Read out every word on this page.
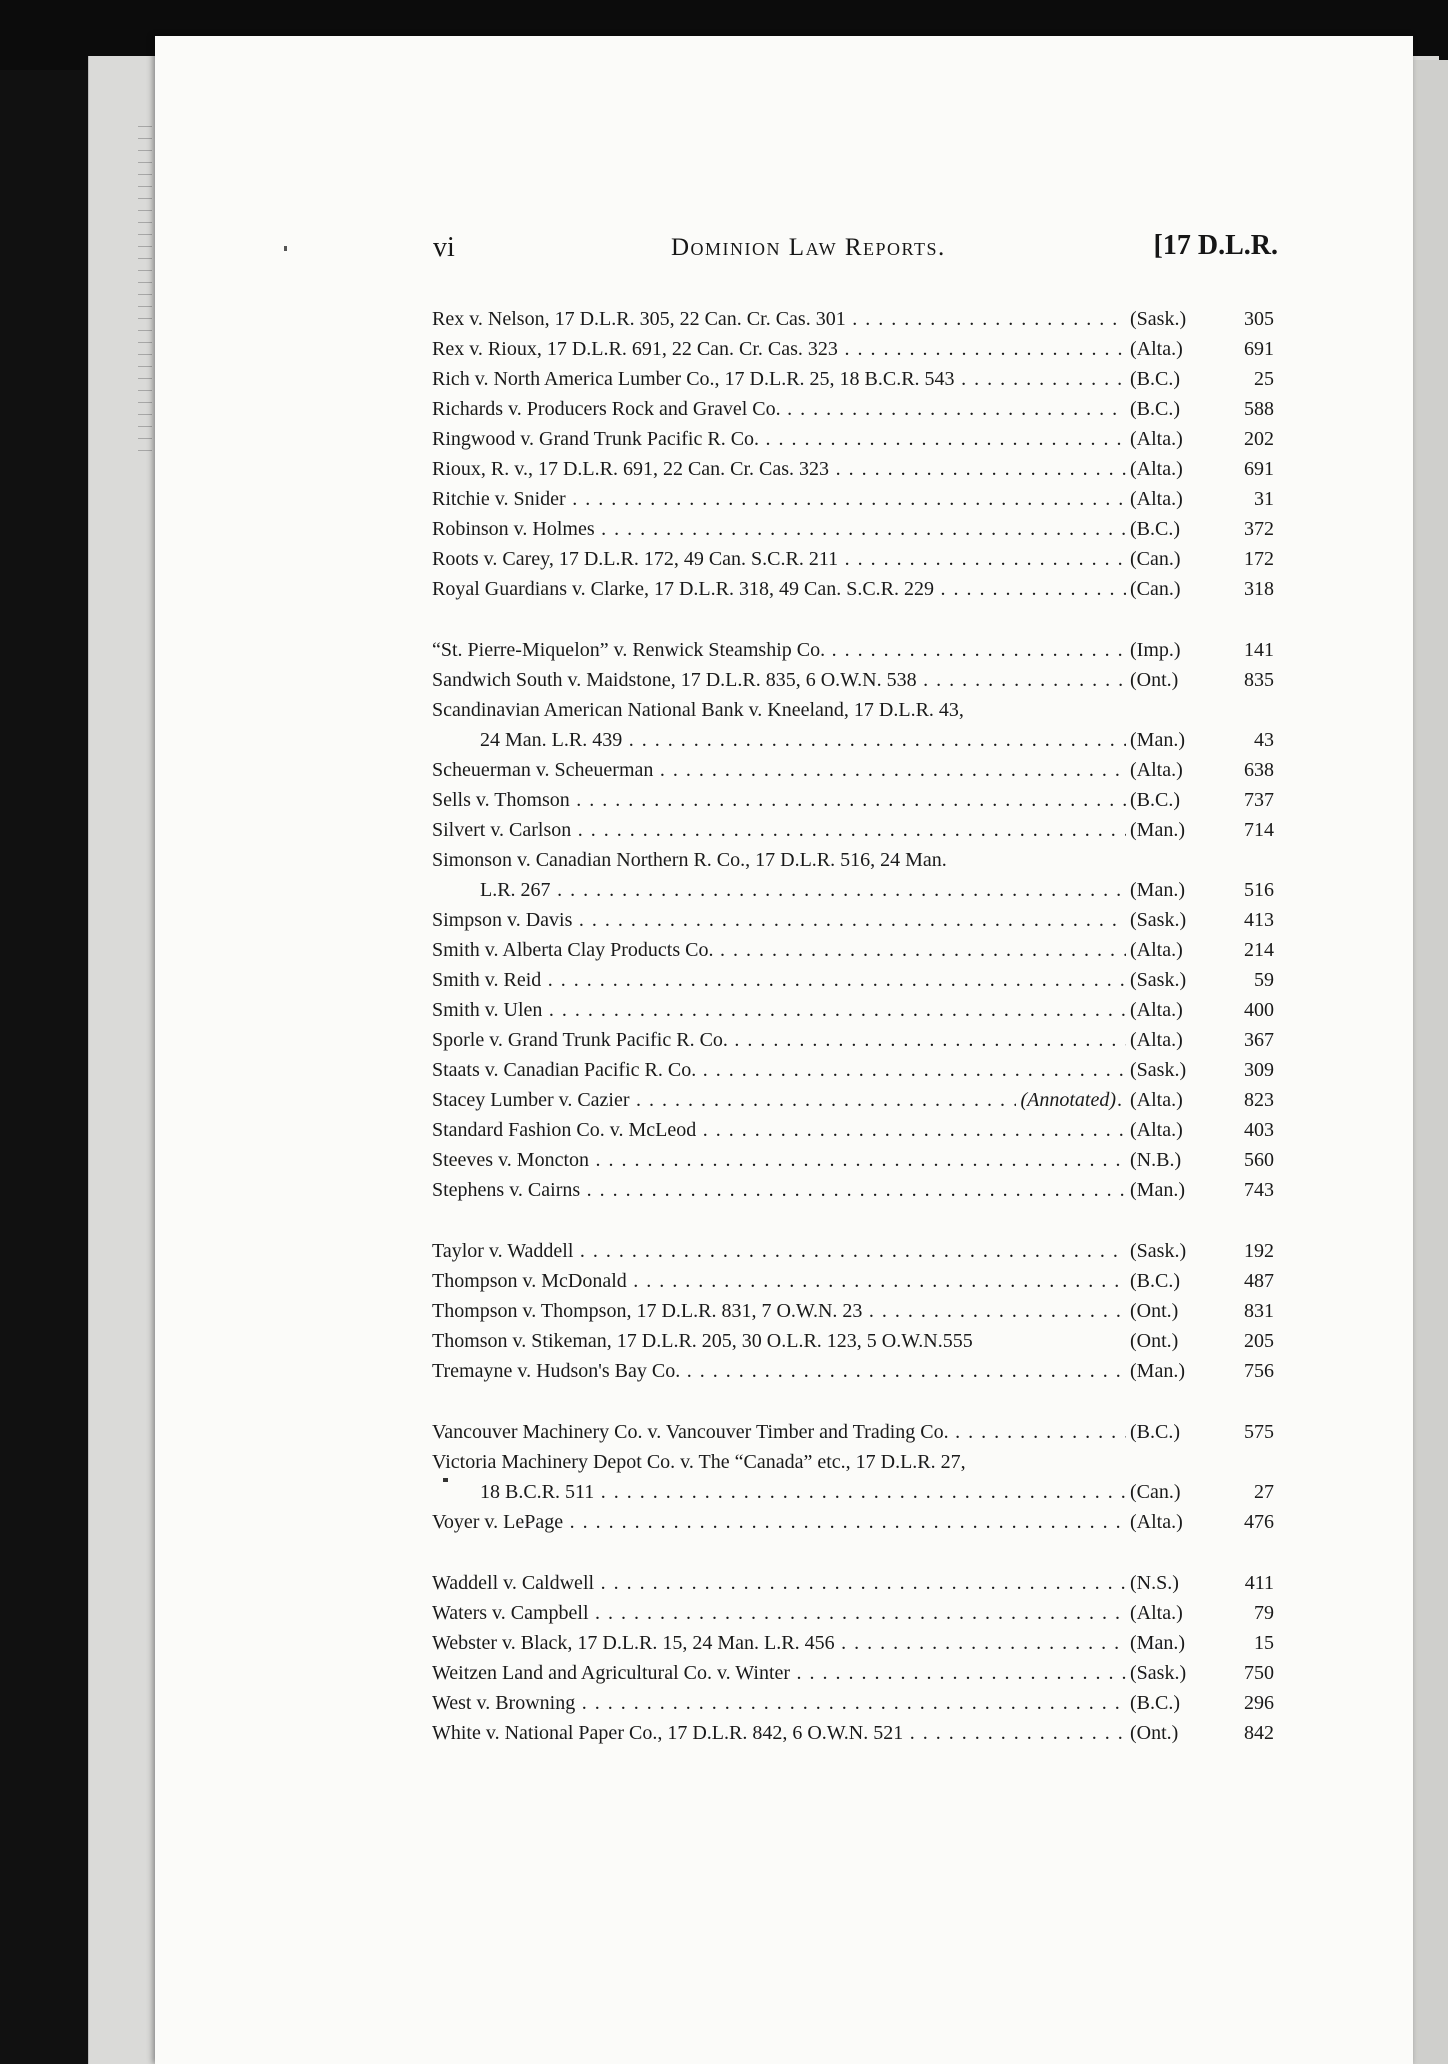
vi	Dominion Law Reports.	[17 D.L.R.
Rex v. Nelson, 17 D.L.R. 305, 22 Can. Cr. Cas. 301 . . .	(Sask.)	305
Rex v. Rioux, 17 D.L.R. 691, 22 Can. Cr. Cas. 323 . . .	(Alta.)	691
Rich v. North America Lumber Co., 17 D.L.R. 25, 18 B.C.R. 543 . . .	(B.C.)	25
Richards v. Producers Rock and Gravel Co. . . .	(B.C.)	588
Ringwood v. Grand Trunk Pacific R. Co. . . .	(Alta.)	202
Rioux, R. v., 17 D.L.R. 691, 22 Can. Cr. Cas. 323 . . .	(Alta.)	691
Ritchie v. Snider . . .	(Alta.)	31
Robinson v. Holmes . . .	(B.C.)	372
Roots v. Carey, 17 D.L.R. 172, 49 Can. S.C.R. 211 . . .	(Can.)	172
Royal Guardians v. Clarke, 17 D.L.R. 318, 49 Can. S.C.R. 229 . . .	(Can.)	318
“St. Pierre-Miquelon” v. Renwick Steamship Co. . . .	(Imp.)	141
Sandwich South v. Maidstone, 17 D.L.R. 835, 6 O.W.N. 538 . . .	(Ont.)	835
Scandinavian American National Bank v. Kneeland, 17 D.L.R. 43,
24 Man. L.R. 439 . . .	(Man.)	43
Scheuerman v. Scheuerman . . .	(Alta.)	638
Sells v. Thomson . . .	(B.C.)	737
Silvert v. Carlson . . .	(Man.)	714
Simonson v. Canadian Northern R. Co., 17 D.L.R. 516, 24 Man.
L.R. 267 . . .	(Man.)	516
Simpson v. Davis . . .	(Sask.)	413
Smith v. Alberta Clay Products Co. . . .	(Alta.)	214
Smith v. Reid . . .	(Sask.)	59
Smith v. Ulen . . .	(Alta.)	400
Sporle v. Grand Trunk Pacific R. Co. . . .	(Alta.)	367
Staats v. Canadian Pacific R. Co. . . .	(Sask.)	309
Stacey Lumber v. Cazier . . .	(Annotated) (Alta.)	823
Standard Fashion Co. v. McLeod . . .	(Alta.)	403
Steeves v. Moncton . . .	(N.B.)	560
Stephens v. Cairns . . .	(Man.)	743
Taylor v. Waddell . . .	(Sask.)	192
Thompson v. McDonald . . .	(B.C.)	487
Thompson v. Thompson, 17 D.L.R. 831, 7 O.W.N. 23 . . .	(Ont.)	831
Thomson v. Stikeman, 17 D.L.R. 205, 30 O.L.R. 123, 5 O.W.N.555	(Ont.)	205
Tremayne v. Hudson's Bay Co. . . .	(Man.)	756
Vancouver Machinery Co. v. Vancouver Timber and Trading Co. . . .	(B.C.)	575
Victoria Machinery Depot Co. v. The “Canada” etc., 17 D.L.R. 27,
18 B.C.R. 511 . . .	(Can.)	27
Voyer v. LePage . . .	(Alta.)	476
Waddell v. Caldwell . . .	(N.S.)	411
Waters v. Campbell . . .	(Alta.)	79
Webster v. Black, 17 D.L.R. 15, 24 Man. L.R. 456 . . .	(Man.)	15
Weitzen Land and Agricultural Co. v. Winter . . .	(Sask.)	750
West v. Browning . . .	(B.C.)	296
White v. National Paper Co., 17 D.L.R. 842, 6 O.W.N. 521 . . .	(Ont.)	842
